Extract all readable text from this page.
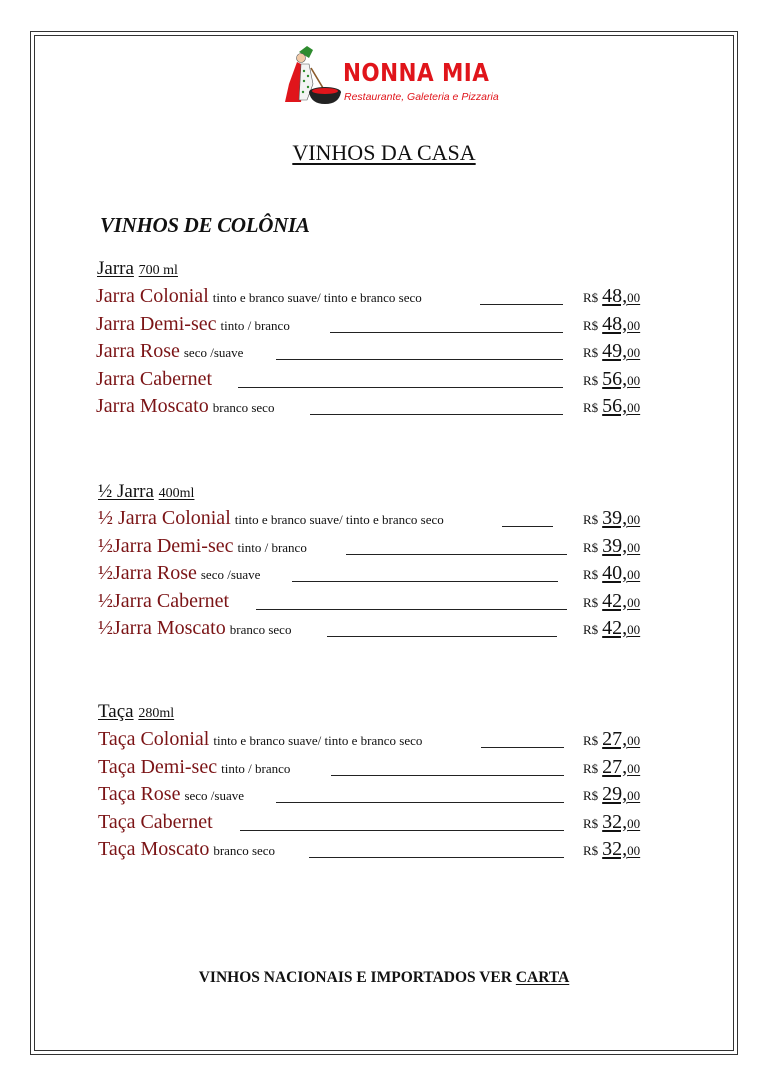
NONNA MIA
Restaurante, Galeteria e Pizzaria
VINHOS DA CASA
VINHOS DE COLÔNIA
Jarra 700 ml
Jarra Colonial tinto e branco suave/ tinto e branco seco	R$ 48,00
Jarra Demi-sec tinto / branco	R$ 48,00
Jarra Rose seco /suave	R$ 49,00
Jarra Cabernet	R$ 56,00
Jarra Moscato branco seco	R$ 56,00
½ Jarra 400ml
½ Jarra Colonial tinto e branco suave/ tinto e branco seco	R$ 39,00
½Jarra Demi-sec tinto / branco	R$ 39,00
½Jarra Rose seco /suave	R$ 40,00
½Jarra Cabernet	R$ 42,00
½Jarra Moscato branco seco	R$ 42,00
Taça 280ml
Taça Colonial tinto e branco suave/ tinto e branco seco	R$ 27,00
Taça Demi-sec tinto / branco	R$ 27,00
Taça Rose seco /suave	R$ 29,00
Taça Cabernet	R$ 32,00
Taça Moscato branco seco	R$ 32,00
VINHOS NACIONAIS E IMPORTADOS VER CARTA
